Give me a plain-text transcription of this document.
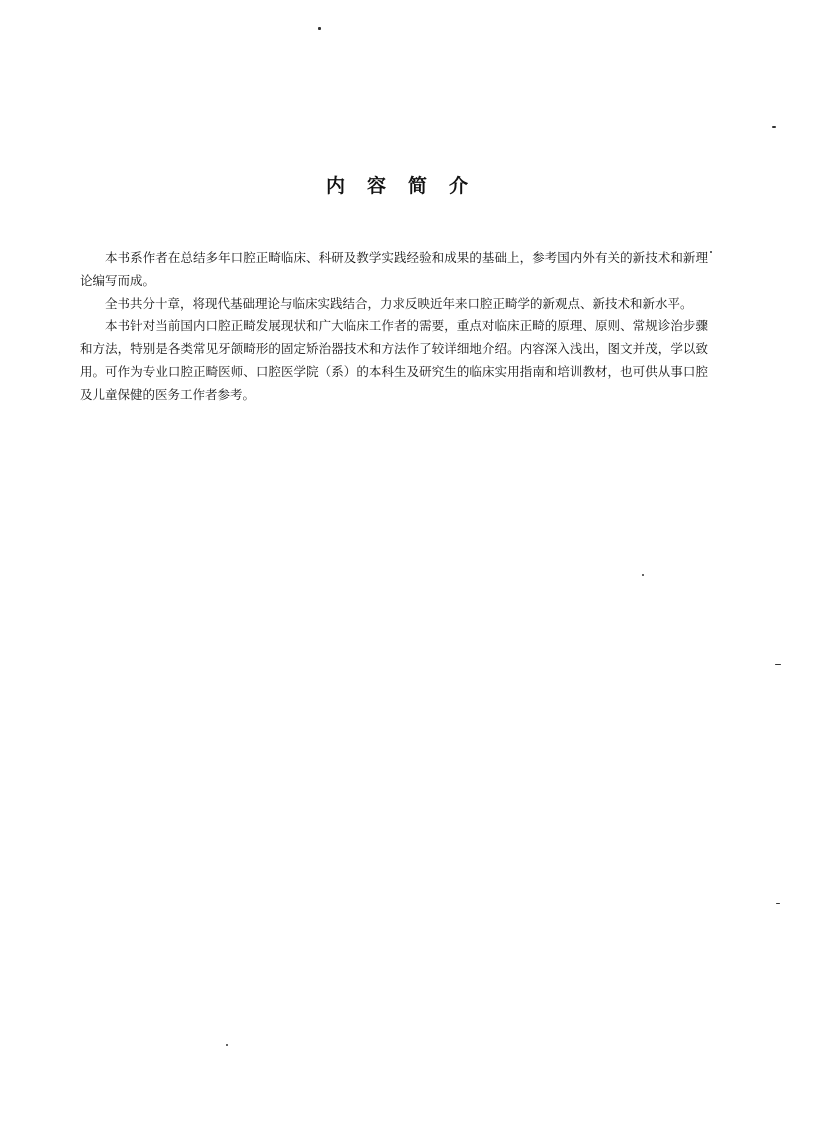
内容简介

本书系作者在总结多年口腔正畸临床、科研及教学实践经验和成果的基础上，参考国内外有关的新技术和新理论编写而成。

全书共分十章，将现代基础理论与临床实践结合，力求反映近年来口腔正畸学的新观点、新技术和新水平。

本书针对当前国内口腔正畸发展现状和广大临床工作者的需要，重点对临床正畸的原理、原则、常规诊治步骤和方法，特别是各类常见牙颌畸形的固定矫治器技术和方法作了较详细地介绍。内容深入浅出，图文并茂，学以致用。可作为专业口腔正畸医师、口腔医学院（系）的本科生及研究生的临床实用指南和培训教材，也可供从事口腔及儿童保健的医务工作者参考。
